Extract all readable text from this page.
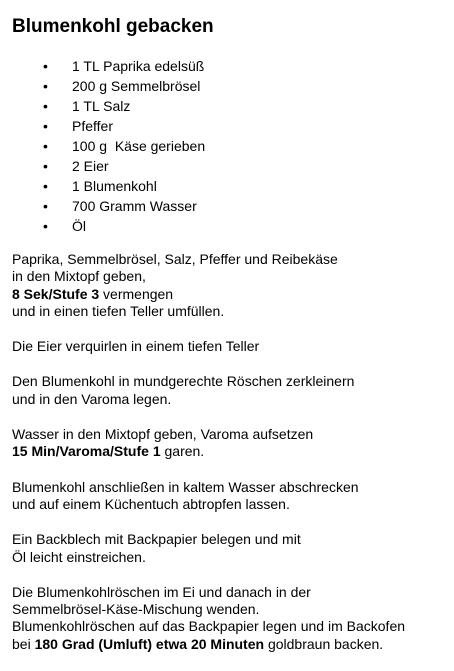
Blumenkohl gebacken
• 1 TL Paprika edelsüß
• 200 g Semmelbrösel
• 1 TL Salz
• Pfeffer
• 100 g  Käse gerieben
• 2 Eier
• 1 Blumenkohl
• 700 Gramm Wasser
• Öl

Paprika, Semmelbrösel, Salz, Pfeffer und Reibekäse
in den Mixtopf geben,
8 Sek/Stufe 3 vermengen
und in einen tiefen Teller umfüllen.

Die Eier verquirlen in einem tiefen Teller

Den Blumenkohl in mundgerechte Röschen zerkleinern
und in den Varoma legen.

Wasser in den Mixtopf geben, Varoma aufsetzen
15 Min/Varoma/Stufe 1 garen.

Blumenkohl anschließen in kaltem Wasser abschrecken
und auf einem Küchentuch abtropfen lassen.

Ein Backblech mit Backpapier belegen und mit
Öl leicht einstreichen.

Die Blumenkohlröschen im Ei und danach in der
Semmelbrösel-Käse-Mischung wenden.
Blumenkohlröschen auf das Backpapier legen und im Backofen
bei 180 Grad (Umluft) etwa 20 Minuten goldbraun backen.
